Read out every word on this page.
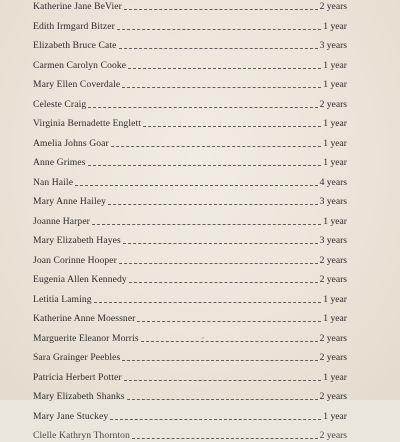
Katherine Jane BeVier	2 years
Edith Irmgard Bitzer	1 year
Elizabeth Bruce Cate	3 years
Carmen Carolyn Cooke	1 year
Mary Ellen Coverdale	1 year
Celeste Craig	2 years
Virginia Bernadette Englett	1 year
Amelia Johns Goar	1 year
Anne Grimes	1 year
Nan Haile	4 years
Mary Anne Hailey	3 years
Joanne Harper	1 year
Mary Elizabeth Hayes	3 years
Joan Corinne Hooper	2 years
Eugenia Allen Kennedy	2 years
Letitia Laming	1 year
Katherine Anne Moessner	1 year
Marguerite Eleanor Morris	2 years
Sara Grainger Peebles	2 years
Patricia Herbert Potter	1 year
Mary Elizabeth Shanks	2 years
Mary Jane Stuckey	1 year
Clelle Kathryn Thornton	2 years
